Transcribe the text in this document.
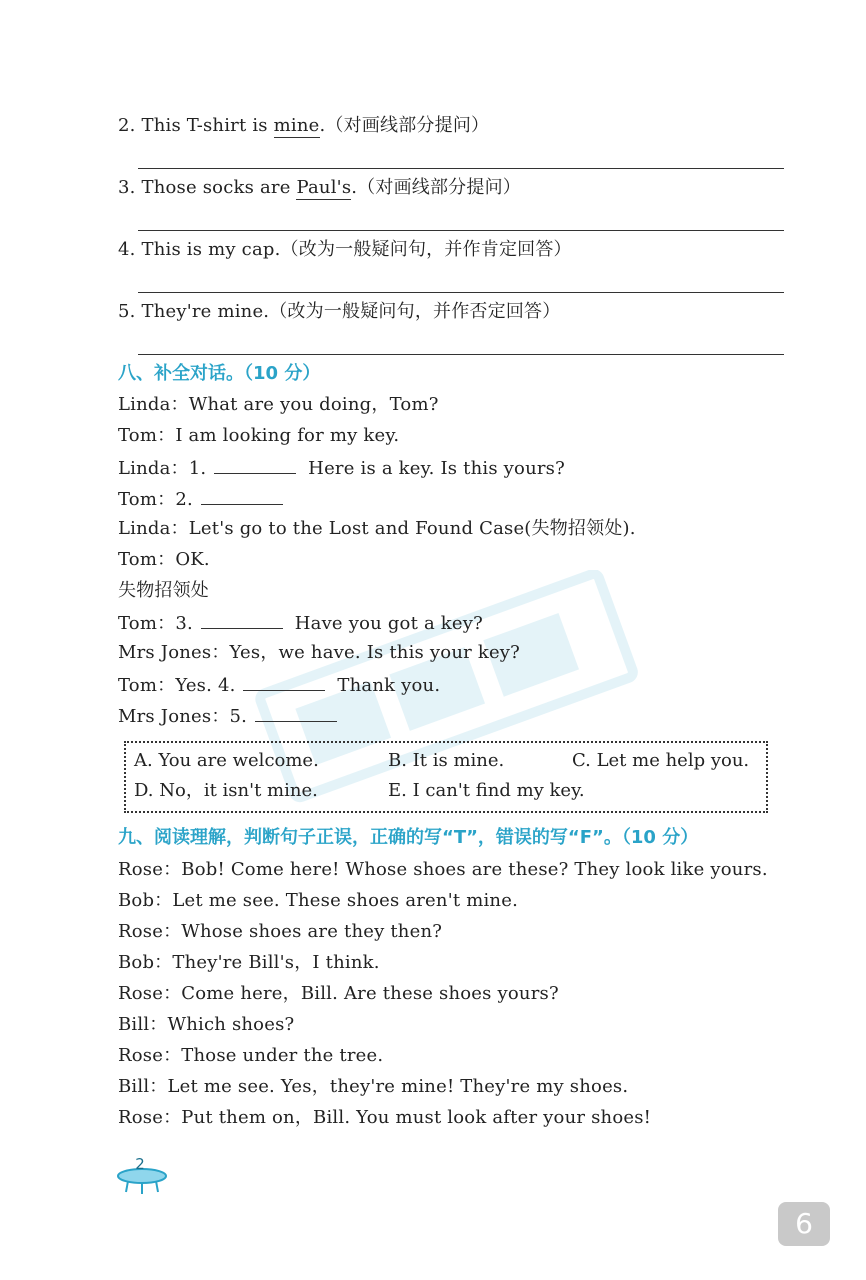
2. This T-shirt is mine.（对画线部分提问）
3. Those socks are Paul's.（对画线部分提问）
4. This is my cap.（改为一般疑问句，并作肯定回答）
5. They're mine.（改为一般疑问句，并作否定回答）
八、补全对话。（10 分）
Linda：What are you doing，Tom?
Tom：I am looking for my key.
Linda：1.	Here is a key. Is this yours?
Tom：2.
Linda：Let's go to the Lost and Found Case(失物招领处).
Tom：OK.
失物招领处
Tom：3.	Have you got a key?
Mrs Jones：Yes，we have. Is this your key?
Tom：Yes. 4.	Thank you.
Mrs Jones：5.
A. You are welcome.	B. It is mine.	C. Let me help you.
D. No，it isn't mine.	E. I can't find my key.
九、阅读理解，判断句子正误，正确的写“T”，错误的写“F”。（10 分）
Rose：Bob! Come here! Whose shoes are these? They look like yours.
Bob：Let me see. These shoes aren't mine.
Rose：Whose shoes are they then?
Bob：They're Bill's，I think.
Rose：Come here，Bill. Are these shoes yours?
Bill：Which shoes?
Rose：Those under the tree.
Bill：Let me see. Yes，they're mine! They're my shoes.
Rose：Put them on，Bill. You must look after your shoes!
2
6
